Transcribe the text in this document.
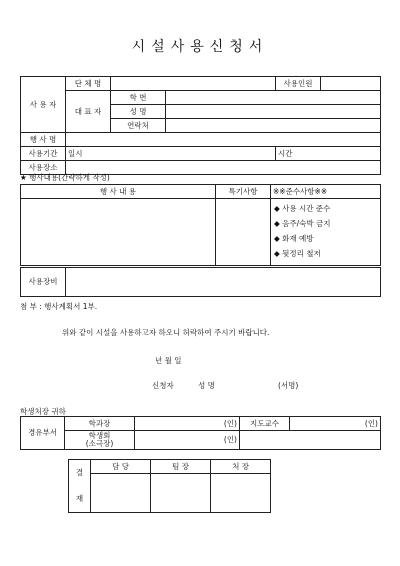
시설사용신청서
사 용 자	단 체 명			사용인원	
	대 표 자	학 번			
		성 명			
		연락처			
행 사 명					
사용기간	일시			시간	
사용장소					
★ 행사내용(간략하게 작성)
행 사 내 용	특기사항	※※준수사항※※

		◆ 사용 시간 준수
◆ 음주/숙박 금지
◆ 화재 예방
◆ 뒷정리 철저
사용장비	
첨 부 : 행사계획서 1부.
위와 같이 시설을 사용하고자 하오니 허락하여 주시기 바랍니다.
년 월 일
신청자	성 명	(서명)
학생처장 귀하
경유부서	학과장	(인)	지도교수	(인)

	학생회
(소극장)	(인)		
결
재	담 당	팀 장	처 장
